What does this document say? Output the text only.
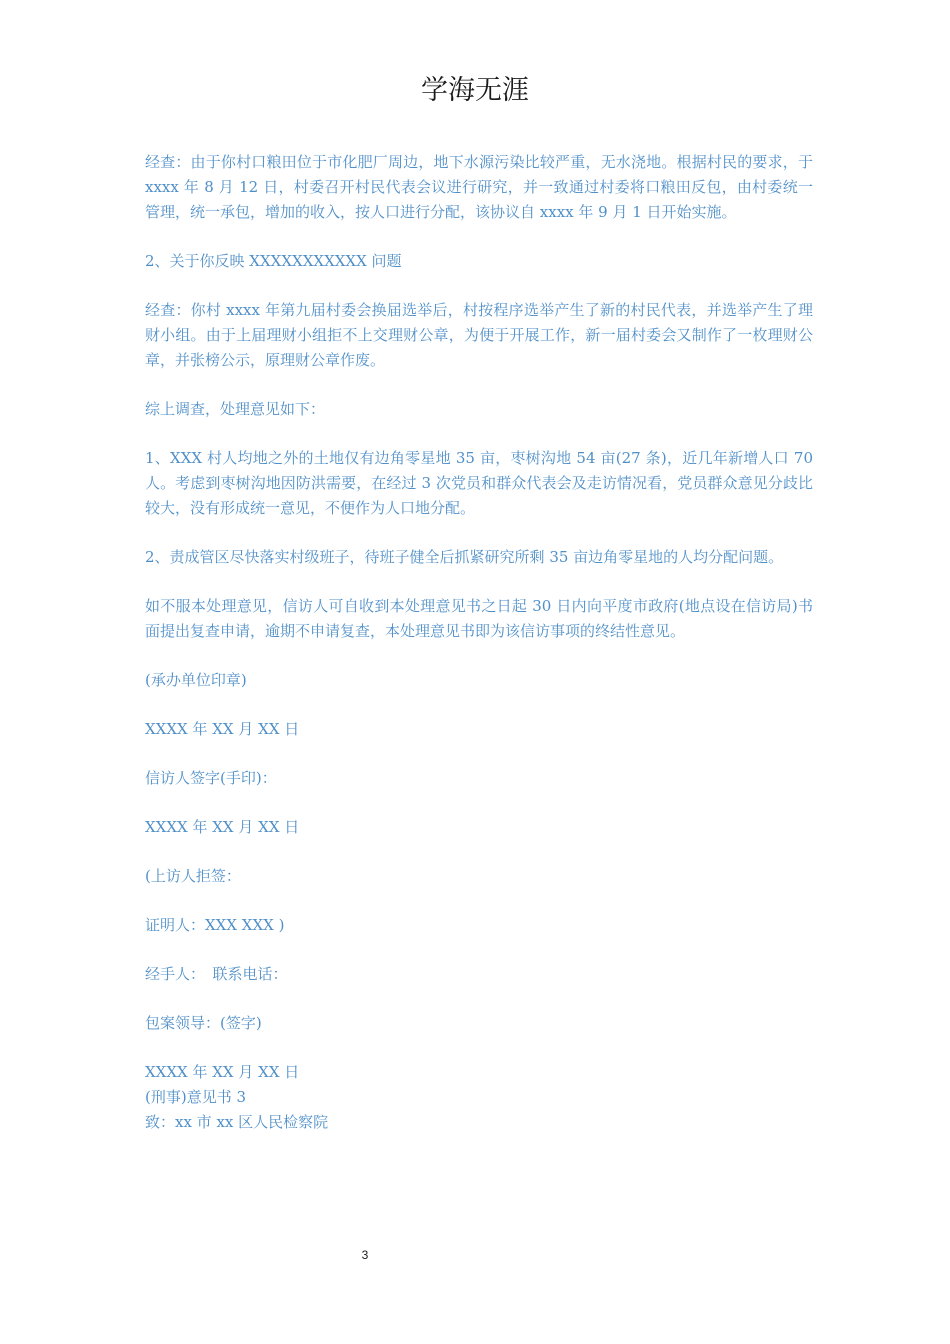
学海无涯

经查：由于你村口粮田位于市化肥厂周边，地下水源污染比较严重，无水浇地。根据村民的要求，于 xxxx 年 8 月 12 日，村委召开村民代表会议进行研究，并一致通过村委将口粮田反包，由村委统一管理，统一承包，增加的收入，按人口进行分配，该协议自 xxxx 年 9 月 1 日开始实施。

2、关于你反映 XXXXXXXXXXX 问题

经查：你村 xxxx 年第九届村委会换届选举后，村按程序选举产生了新的村民代表，并选举产生了理财小组。由于上届理财小组拒不上交理财公章，为便于开展工作，新一届村委会又制作了一枚理财公章，并张榜公示，原理财公章作废。

综上调查，处理意见如下：

1、XXX 村人均地之外的土地仅有边角零星地 35 亩，枣树沟地 54 亩(27 条)，近几年新增人口 70 人。考虑到枣树沟地因防洪需要，在经过 3 次党员和群众代表会及走访情况看，党员群众意见分歧比较大，没有形成统一意见，不便作为人口地分配。

2、责成管区尽快落实村级班子，待班子健全后抓紧研究所剩 35 亩边角零星地的人均分配问题。

如不服本处理意见，信访人可自收到本处理意见书之日起 30 日内向平度市政府(地点设在信访局)书面提出复查申请，逾期不申请复查，本处理意见书即为该信访事项的终结性意见。

(承办单位印章)

XXXX 年 XX 月 XX 日

信访人签字(手印)：

XXXX 年 XX 月 XX 日

(上访人拒签：

证明人：XXX XXX )

经手人：　联系电话：

包案领导：(签字)

XXXX 年 XX 月 XX 日

(刑事)意见书 3

致：xx 市 xx 区人民检察院

3
